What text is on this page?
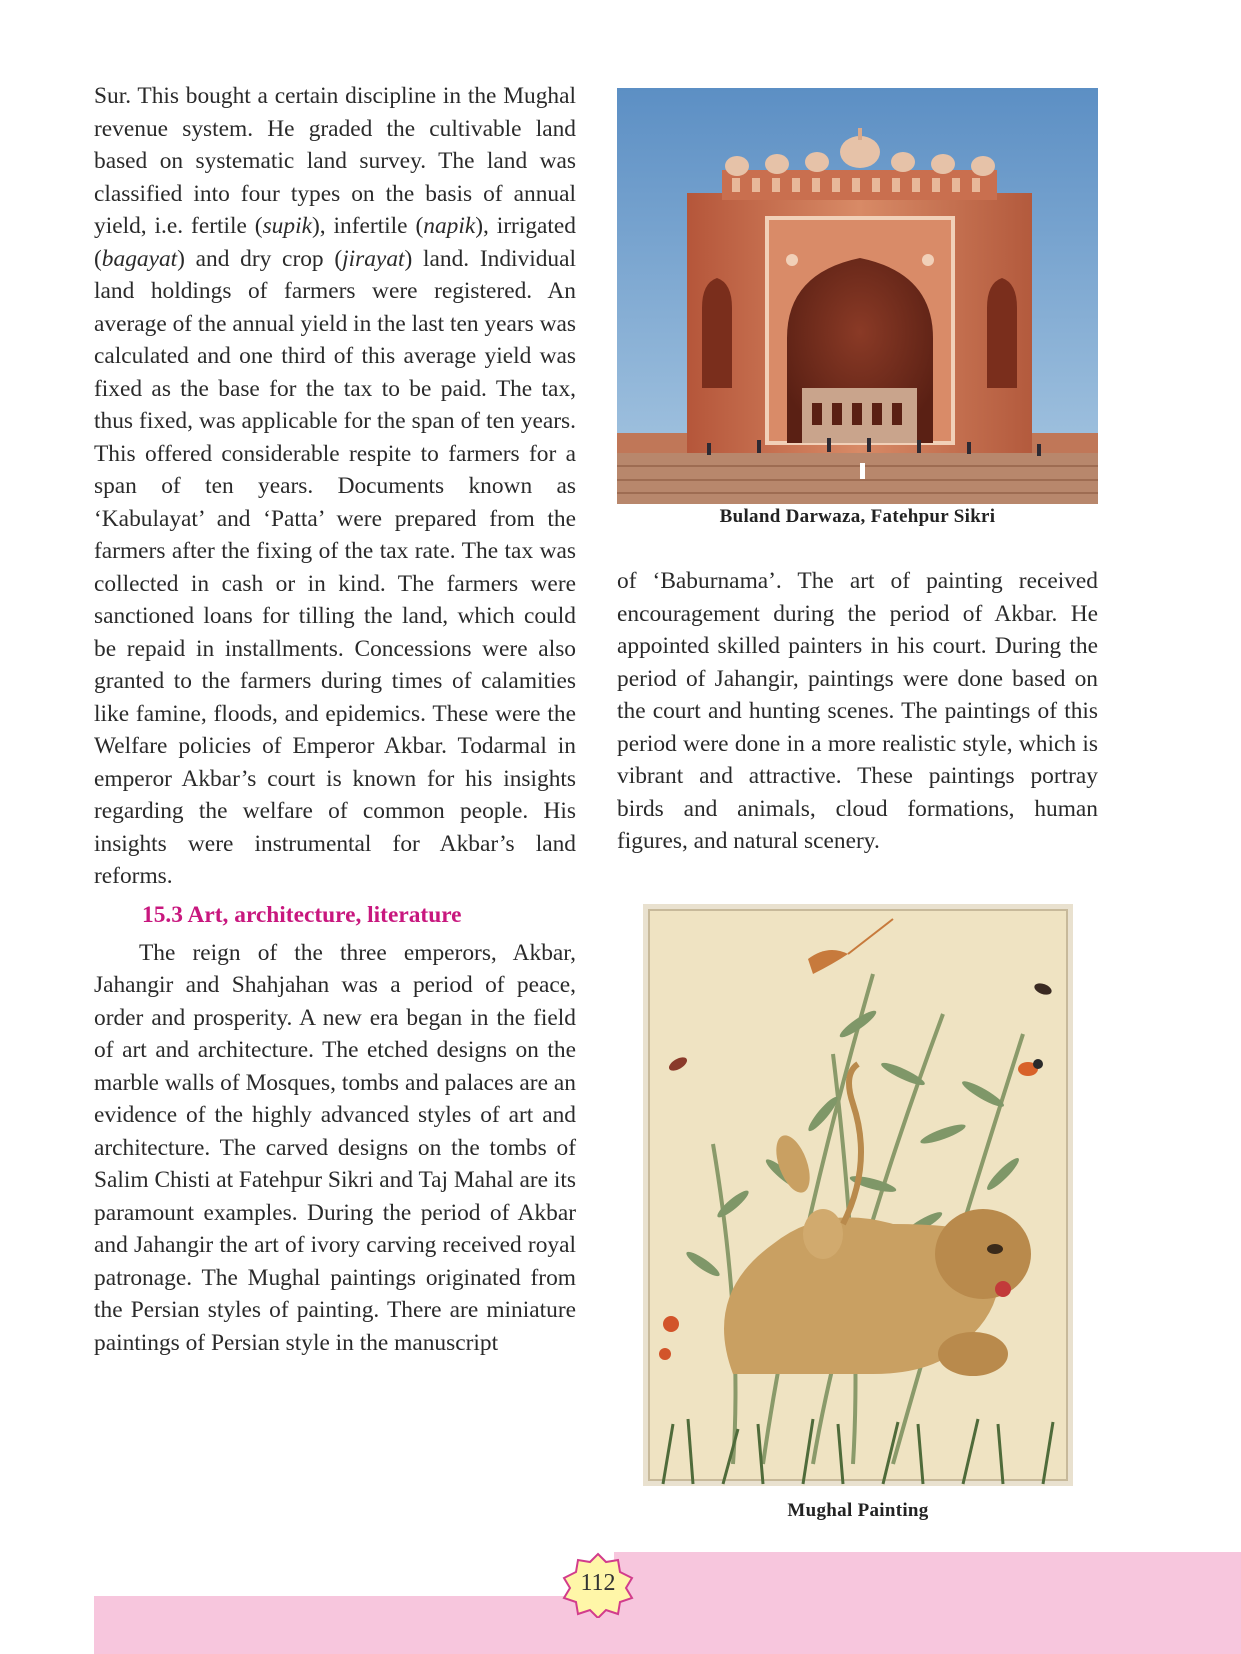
Sur. This bought a certain discipline in the Mughal revenue system. He graded the cultivable land based on systematic land survey. The land was classified into four types on the basis of annual yield, i.e. fertile (supik), infertile (napik), irrigated (bagayat) and dry crop (jirayat) land. Individual land holdings of farmers were registered. An average of the annual yield in the last ten years was calculated and one third of this average yield was fixed as the base for the tax to be paid. The tax, thus fixed, was applicable for the span of ten years. This offered considerable respite to farmers for a span of ten years. Documents known as ‘Kabulayat’ and ‘Patta’ were prepared from the farmers after the fixing of the tax rate. The tax was collected in cash or in kind. The farmers were sanctioned loans for tilling the land, which could be repaid in installments. Concessions were also granted to the farmers during times of calamities like famine, floods, and epidemics. These were the Welfare policies of Emperor Akbar. Todarmal in emperor Akbar’s court is known for his insights regarding the welfare of common people. His insights were instrumental for Akbar’s land reforms.

15.3 Art, architecture, literature

The reign of the three emperors, Akbar, Jahangir and Shahjahan was a period of peace, order and prosperity. A new era began in the field of art and architecture. The etched designs on the marble walls of Mosques, tombs and palaces are an evidence of the highly advanced styles of art and architecture. The carved designs on the tombs of Salim Chisti at Fatehpur Sikri and Taj Mahal are its paramount examples. During the period of Akbar and Jahangir the art of ivory carving received royal patronage. The Mughal paintings originated from the Persian styles of painting. There are miniature paintings of Persian style in the manuscript

Buland Darwaza, Fatehpur Sikri

of ‘Baburnama’. The art of painting received encouragement during the period of Akbar. He appointed skilled painters in his court. During the period of Jahangir, paintings were done based on the court and hunting scenes. The paintings of this period were done in a more realistic style, which is vibrant and attractive. These paintings portray birds and animals, cloud formations, human figures, and natural scenery.

Mughal Painting
112
